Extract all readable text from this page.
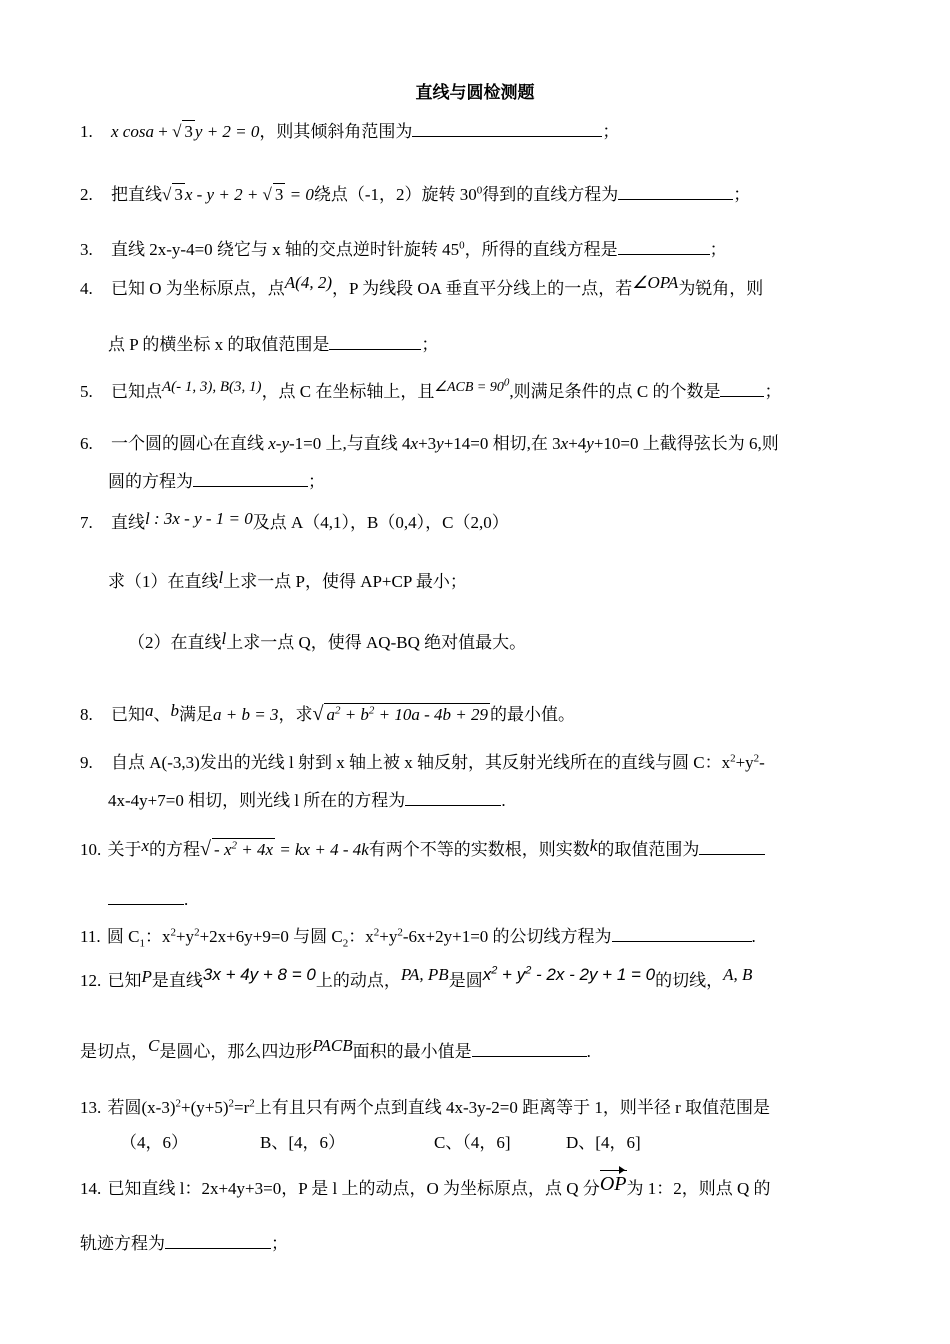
直线与圆检测题
1. x cosa + √ 3 y + 2 = 0，则其倾斜角范围为	；
2. 把直线√ 3 x - y + 2 + √ 3 = 0绕点（-1，2）旋转 $30^0$得到的直线方程为	；
3. 直线 2x-y-4=0 绕它与 x 轴的交点逆时针旋转 $45^0$，所得的直线方程是	；
4. 已知 O 为坐标原点，点A(4, 2)，P 为线段 OA 垂直平分线上的一点，若∠OPA为锐角，则
点 P 的横坐标 x 的取值范围是	；
5. 已知点A(- 1, 3), B(3, 1)，点 C 在坐标轴上，且$^{\angle ACB = 90^0}$,则满足条件的点 C 的个数是	；
6. 一个圆的圆心在直线 x-y-1=0 上,与直线 4x+3y+14=0 相切,在 3x+4y+10=0 上截得弦长为 6,则
圆的方程为	；
7. 直线l : 3x - y - 1 = 0及点 A（4,1），B（0,4），C（2,0）
求（1）在直线l上求一点 P，使得 AP+CP 最小；
（2）在直线l上求一点 Q，使得 AQ-BQ 绝对值最大。
8. 已知a、b满足a + b = 3，求√ $a^2 + b^2 + 10a - 4b + 29$ 的最小值。
9. 自点 A(-3,3)发出的光线 l 射到 x 轴上被 x 轴反射，其反射光线所在的直线与圆 C：$x^2+y^2-$
4x-4y+7=0 相切，则光线 l 所在的方程为	.
10. 关于x的方程√ - $x^2 + 4x$ = kx + 4 - 4k有两个不等的实数根，则实数k的取值范围为
.
11. 圆 $C_1$：$x^2+y^2+2x+6y+9=0$ 与圆 $C_2$：$x^2+y^2-6x+2y+1=0$ 的公切线方程为	.
12. 已知P是直线3x + 4y + 8 = 0上的动点，PA, PB是圆$x^2 + y^2 - 2x - 2y + 1 = 0$的切线，A, B
是切点，C是圆心，那么四边形PACB面积的最小值是	.
13. 若圆$(x-3)^2+(y+5)^2=r^2$上有且只有两个点到直线 4x-3y-2=0 距离等于 1，则半径 r 取值范围是
（4，6）	B、[4，6）	C、（4，6]	D、[4，6]
14. 已知直线 l：2x+4y+3=0，P 是 l 上的动点，O 为坐标原点，点 Q 分OP为 1：2，则点 Q 的
轨迹方程为	；
